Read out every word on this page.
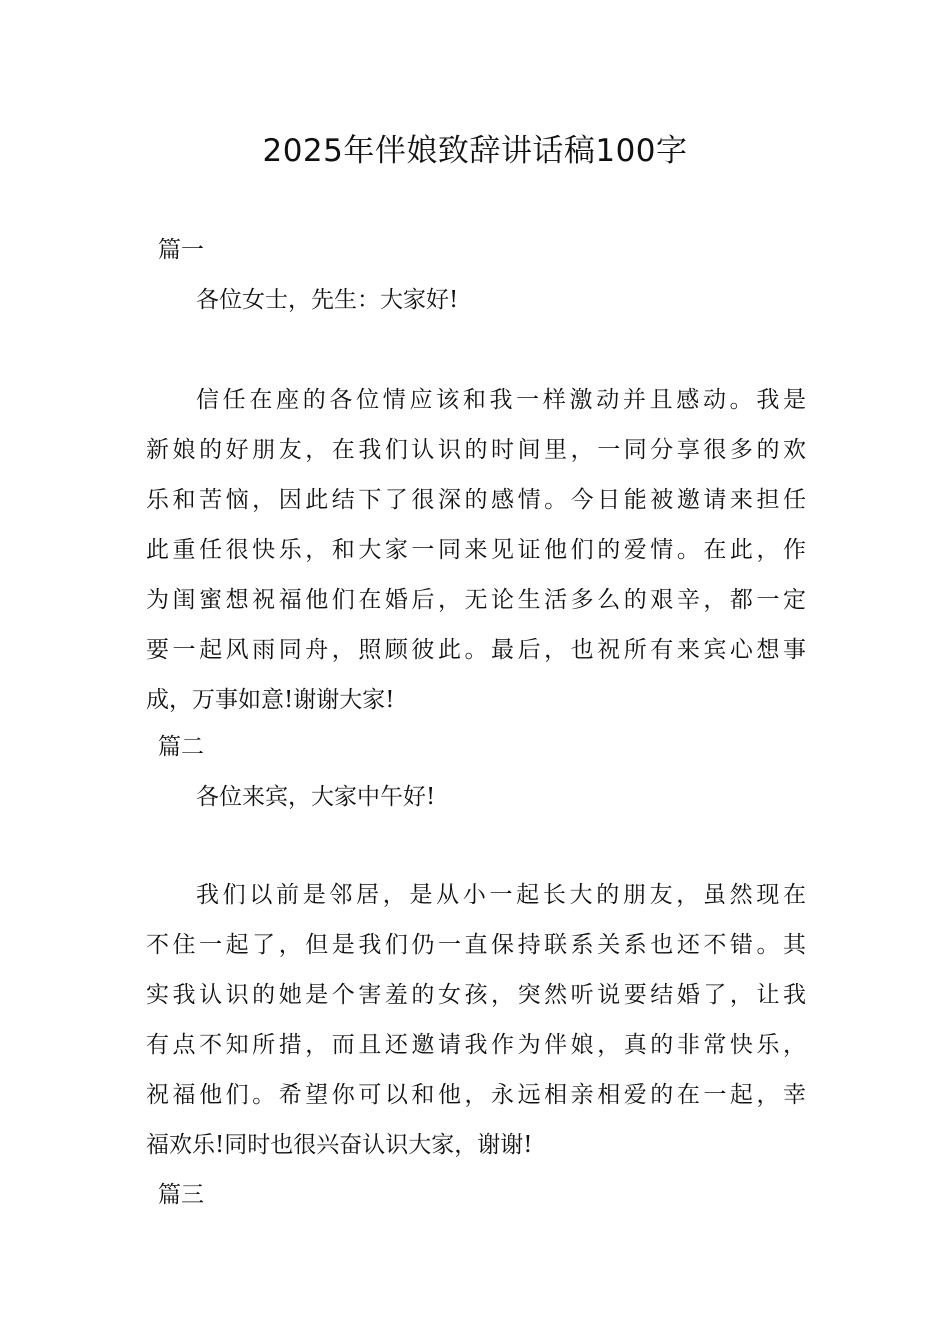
2025年伴娘致辞讲话稿100字
篇一
各位女士，先生：大家好!
信任在座的各位情应该和我一样激动并且感动。我是
新娘的好朋友，在我们认识的时间里，一同分享很多的欢
乐和苦恼，因此结下了很深的感情。今日能被邀请来担任
此重任很快乐，和大家一同来见证他们的爱情。在此，作
为闺蜜想祝福他们在婚后，无论生活多么的艰辛，都一定
要一起风雨同舟，照顾彼此。最后，也祝所有来宾心想事
成，万事如意!谢谢大家!
篇二
各位来宾，大家中午好!
我们以前是邻居，是从小一起长大的朋友，虽然现在
不住一起了，但是我们仍一直保持联系关系也还不错。其
实我认识的她是个害羞的女孩，突然听说要结婚了，让我
有点不知所措，而且还邀请我作为伴娘，真的非常快乐，
祝福他们。希望你可以和他，永远相亲相爱的在一起，幸
福欢乐!同时也很兴奋认识大家，谢谢!
篇三
